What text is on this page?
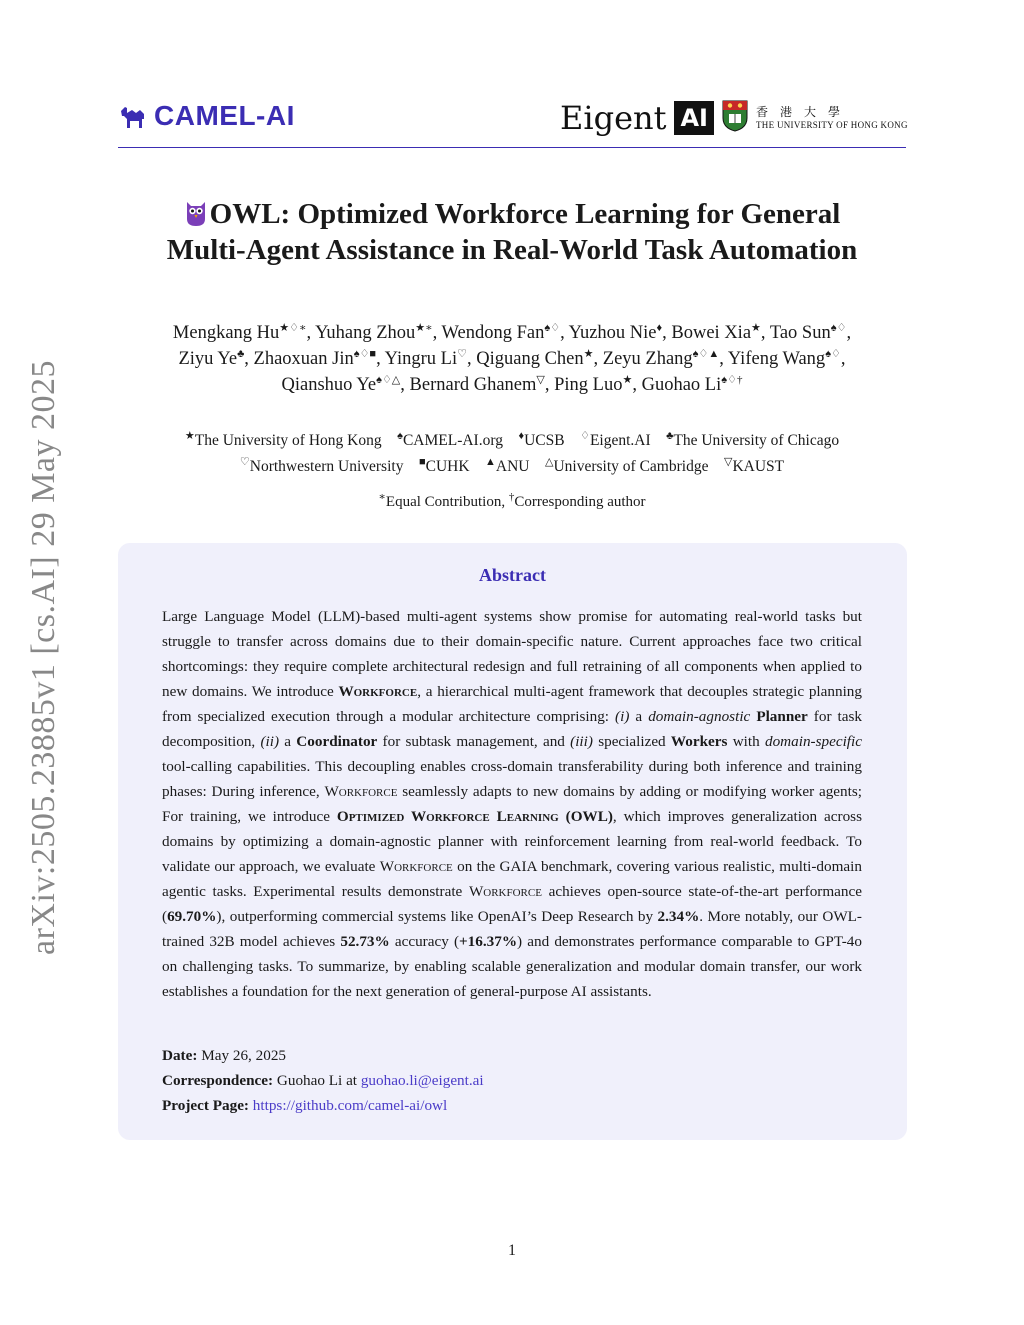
CAMEL-AI	Eigent AI	香港大學
THE UNIVERSITY OF HONG KONG
arXiv:2505.23885v1 [cs.AI] 29 May 2025
OWL: Optimized Workforce Learning for General
Multi-Agent Assistance in Real-World Task Automation
Mengkang Hu★♢∗, Yuhang Zhou★∗, Wendong Fan♠♢, Yuzhou Nie♦, Bowei Xia★, Tao Sun♠♢,
Ziyu Ye♣, Zhaoxuan Jin♠♢■, Yingru Li♡, Qiguang Chen★, Zeyu Zhang♠♢▲, Yifeng Wang♠♢,
Qianshuo Ye♠♢△, Bernard Ghanem▽, Ping Luo★, Guohao Li♠♢†
★The University of Hong Kong ♠CAMEL-AI.org ♦UCSB ♢Eigent.AI ♣The University of Chicago
♡Northwestern University ■CUHK ▲ANU △University of Cambridge ▽KAUST
∗Equal Contribution, †Corresponding author
Abstract
Large Language Model (LLM)-based multi-agent systems show promise for automating real-world tasks but struggle to transfer across domains due to their domain-specific nature. Current approaches face two critical shortcomings: they require complete architectural redesign and full retraining of all components when applied to new domains. We introduce Workforce, a hierarchical multi-agent framework that decouples strategic planning from specialized execution through a modular architecture comprising: (i) a domain-agnostic Planner for task decomposition, (ii) a Coordinator for subtask management, and (iii) specialized Workers with domain-specific tool-calling capabilities. This decoupling enables cross-domain transferability during both inference and training phases: During inference, Workforce seamlessly adapts to new domains by adding or modifying worker agents; For training, we introduce Optimized Workforce Learning (OWL), which improves generalization across domains by optimizing a domain-agnostic planner with reinforcement learning from real-world feedback. To validate our approach, we evaluate Workforce on the GAIA benchmark, covering various realistic, multi-domain agentic tasks. Experimental results demonstrate Workforce achieves open-source state-of-the-art performance (69.70%), outperforming commercial systems like OpenAI’s Deep Research by 2.34%. More notably, our OWL-trained 32B model achieves 52.73% accuracy (+16.37%) and demonstrates performance comparable to GPT-4o on challenging tasks. To summarize, by enabling scalable generalization and modular domain transfer, our work establishes a foundation for the next generation of general-purpose AI assistants.
Date: May 26, 2025
Correspondence: Guohao Li at guohao.li@eigent.ai
Project Page: https://github.com/camel-ai/owl
1
